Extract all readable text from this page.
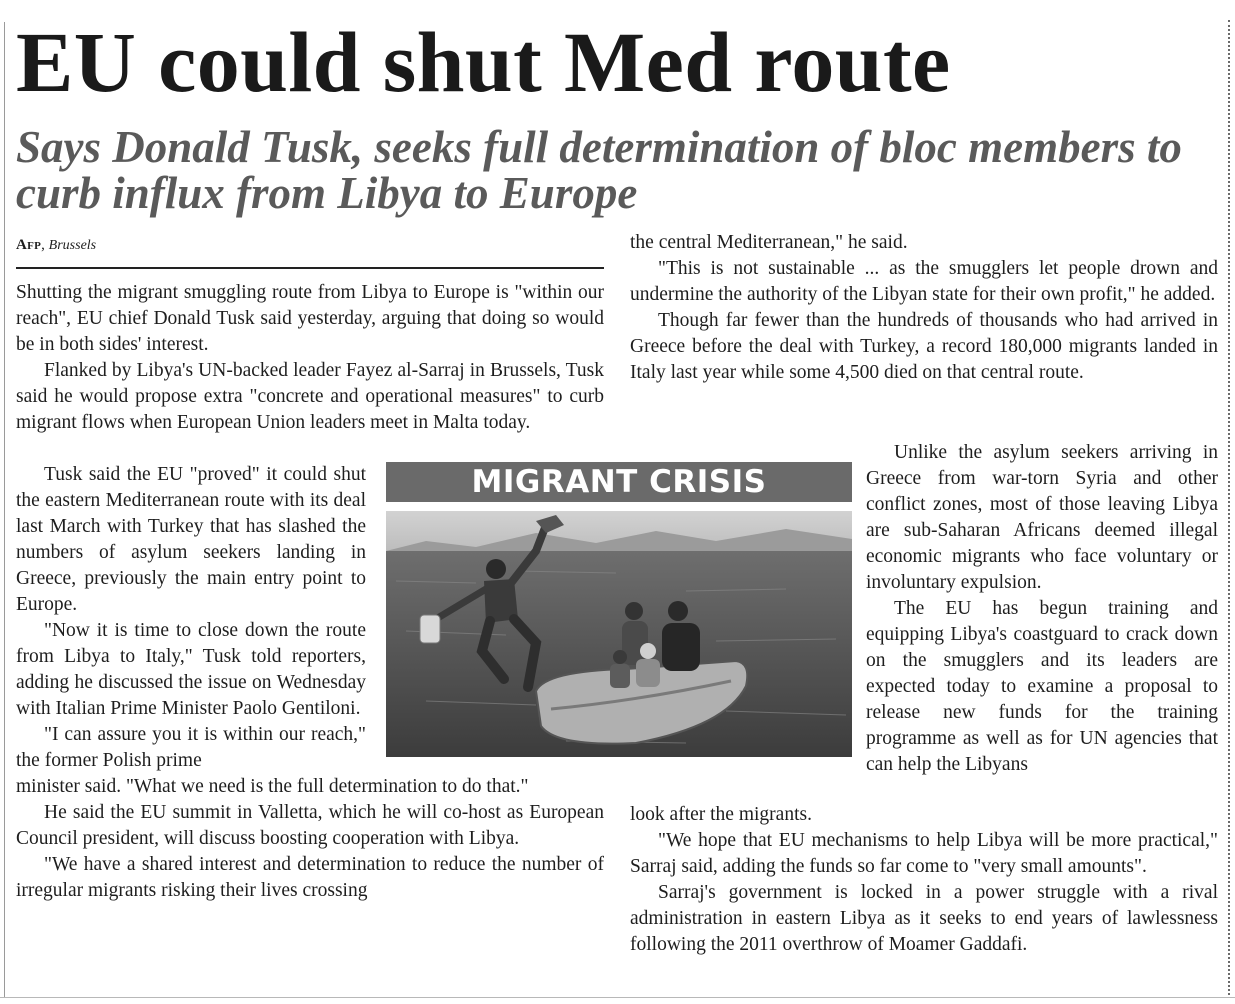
EU could shut Med route
Says Donald Tusk, seeks full determination of bloc members to curb influx from Libya to Europe
Afp, Brussels

Shutting the migrant smuggling route from Libya to Europe is "within our reach", EU chief Donald Tusk said yesterday, arguing that doing so would be in both sides' interest.

Flanked by Libya's UN-backed leader Fayez al-Sarraj in Brussels, Tusk said he would propose extra "concrete and operational measures" to curb migrant flows when European Union leaders meet in Malta today.

Tusk said the EU "proved" it could shut the eastern Mediterranean route with its deal last March with Turkey that has slashed the numbers of asylum seekers landing in Greece, previously the main entry point to Europe.

"Now it is time to close down the route from Libya to Italy," Tusk told reporters, adding he discussed the issue on Wednesday with Italian Prime Minister Paolo Gentiloni.

"I can assure you it is within our reach," the former Polish prime

minister said. "What we need is the full determination to do that."

He said the EU summit in Valletta, which he will co-host as European Council president, will discuss boosting cooperation with Libya.

"We have a shared interest and determination to reduce the number of irregular migrants risking their lives crossing

the central Mediterranean," he said.

"This is not sustainable ... as the smugglers let people drown and undermine the authority of the Libyan state for their own profit," he added.

Though far fewer than the hundreds of thousands who had arrived in Greece before the deal with Turkey, a record 180,000 migrants landed in Italy last year while some 4,500 died on that central route.

Unlike the asylum seekers arriving in Greece from war-torn Syria and other conflict zones, most of those leaving Libya are sub-Saharan Africans deemed illegal economic migrants who face voluntary or involuntary expulsion.

The EU has begun training and equipping Libya's coastguard to crack down on the smugglers and its leaders are expected today to examine a proposal to release new funds for the training programme as well as for UN agencies that can help the Libyans

look after the migrants.

"We hope that EU mechanisms to help Libya will be more practical," Sarraj said, adding the funds so far come to "very small amounts".

Sarraj's government is locked in a power struggle with a rival administration in eastern Libya as it seeks to end years of lawlessness following the 2011 overthrow of Moamer Gaddafi.

MIGRANT CRISIS
